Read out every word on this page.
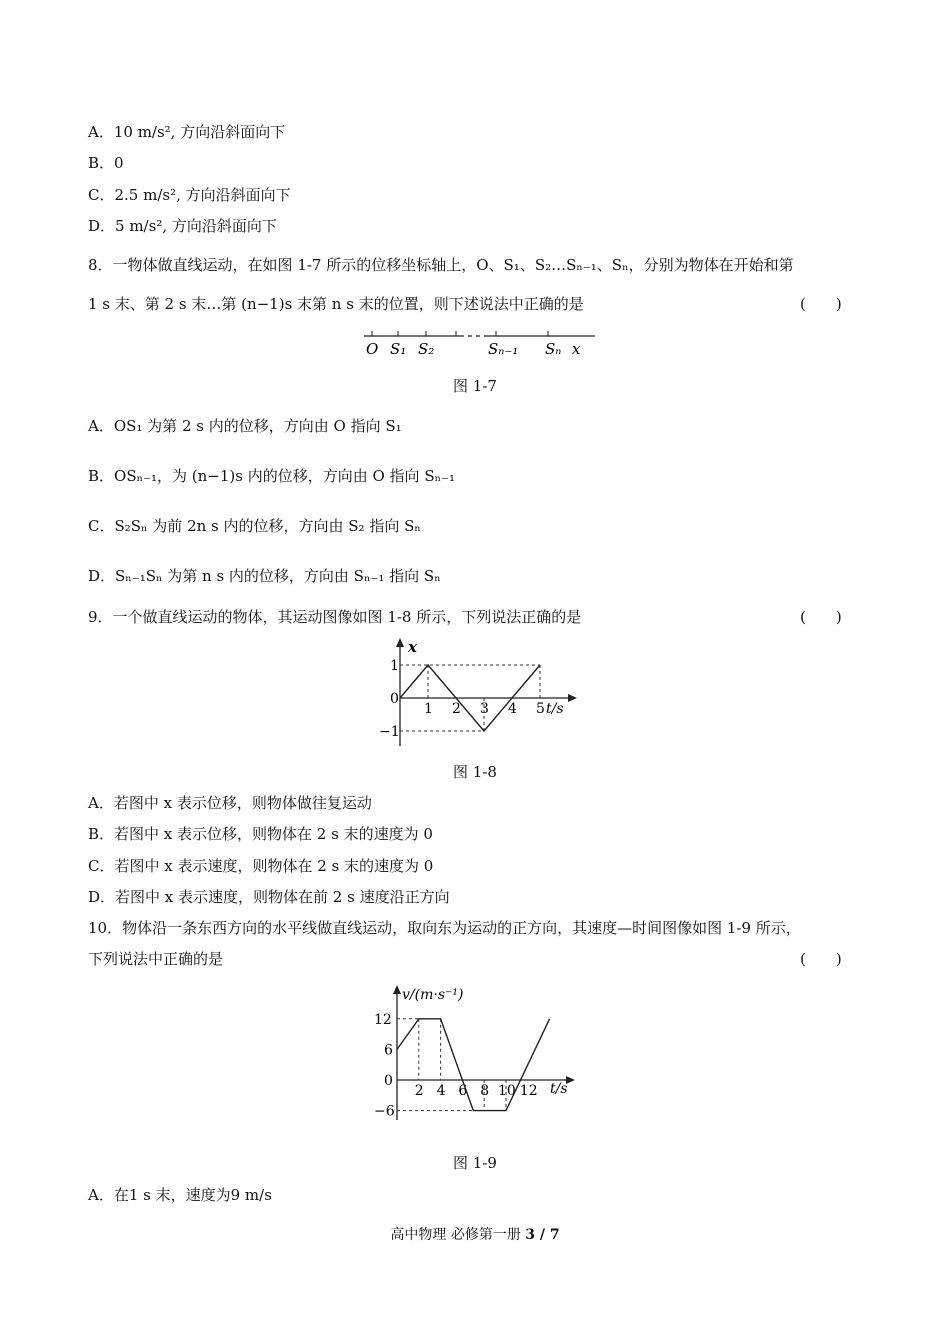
A．10 m/s², 方向沿斜面向下
B．0
C．2.5 m/s², 方向沿斜面向下
D．5 m/s², 方向沿斜面向下
8．一物体做直线运动，在如图 1-7 所示的位移坐标轴上，O、S₁、S₂…Sₙ₋₁、Sₙ，分别为物体在开始和第
1 s 末、第 2 s 末…第 (n−1)s 末第 n s 末的位置，则下述说法中正确的是	(　　)
O S₁ S₂	Sₙ₋₁ Sₙ x
图 1-7
A．OS₁ 为第 2 s 内的位移，方向由 O 指向 S₁
B．OSₙ₋₁，为 (n−1)s 内的位移，方向由 O 指向 Sₙ₋₁
C．S₂Sₙ 为前 2n s 内的位移，方向由 S₂ 指向 Sₙ
D．Sₙ₋₁Sₙ 为第 n s 内的位移，方向由 Sₙ₋₁ 指向 Sₙ
9．一个做直线运动的物体，其运动图像如图 1-8 所示，下列说法正确的是	(　　)
x
t/s
1 2 3 4 5
1
0
−1
图 1-8
A．若图中 x 表示位移，则物体做往复运动
B．若图中 x 表示位移，则物体在 2 s 末的速度为 0
C．若图中 x 表示速度，则物体在 2 s 末的速度为 0
D．若图中 x 表示速度，则物体在前 2 s 速度沿正方向
10．物体沿一条东西方向的水平线做直线运动，取向东为运动的正方向，其速度—时间图像如图 1-9 所示，
下列说法中正确的是	(　　)
v/(m·s⁻¹)
t/s
2 4 6 8 10 12
12
6
0
−6
图 1-9
A．在1 s 末，速度为9 m/s
高中物理 必修第一册 3 / 7
